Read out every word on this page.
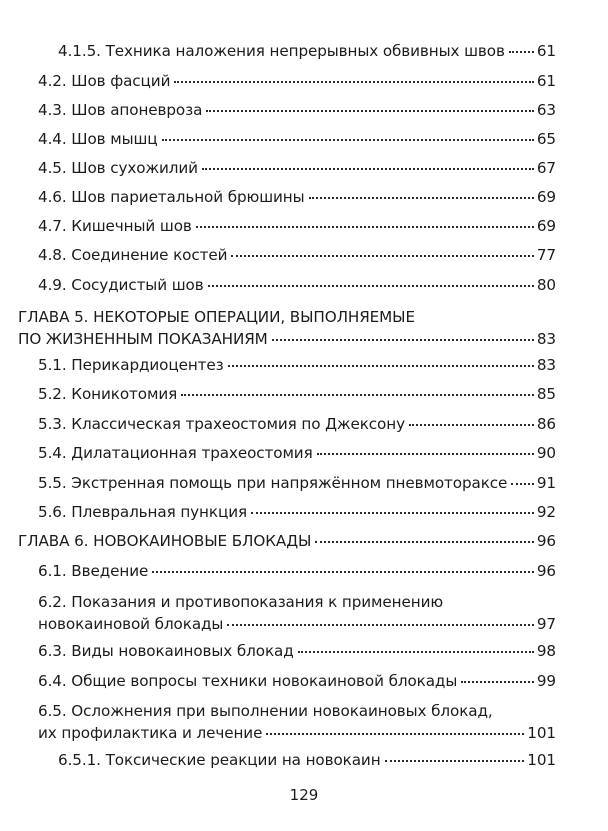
4.1.5. Техника наложения непрерывных обвивных швов 61
4.2. Шов фасций	61
4.3. Шов апоневроза	63
4.4. Шов мышц	65
4.5. Шов сухожилий	67
4.6. Шов париетальной брюшины	69
4.7. Кишечный шов	69
4.8. Соединение костей	77
4.9. Сосудистый шов	80
ГЛАВА 5. НЕКОТОРЫЕ ОПЕРАЦИИ, ВЫПОЛНЯЕМЫЕ
ПО ЖИЗНЕННЫМ ПОКАЗАНИЯМ	83
5.1. Перикардиоцентез	83
5.2. Коникотомия	85
5.3. Классическая трахеостомия по Джексону	86
5.4. Дилатационная трахеостомия	90
5.5. Экстренная помощь при напряжённом пневмотораксе 91
5.6. Плевральная пункция	92
ГЛАВА 6. НОВОКАИНОВЫЕ БЛОКАДЫ	96
6.1. Введение	96
6.2. Показания и противопоказания к применению
новокаиновой блокады	97
6.3. Виды новокаиновых блокад	98
6.4. Общие вопросы техники новокаиновой блокады	99
6.5. Осложнения при выполнении новокаиновых блокад,
их профилактика и лечение	101
6.5.1. Токсические реакции на новокаин	101
129
